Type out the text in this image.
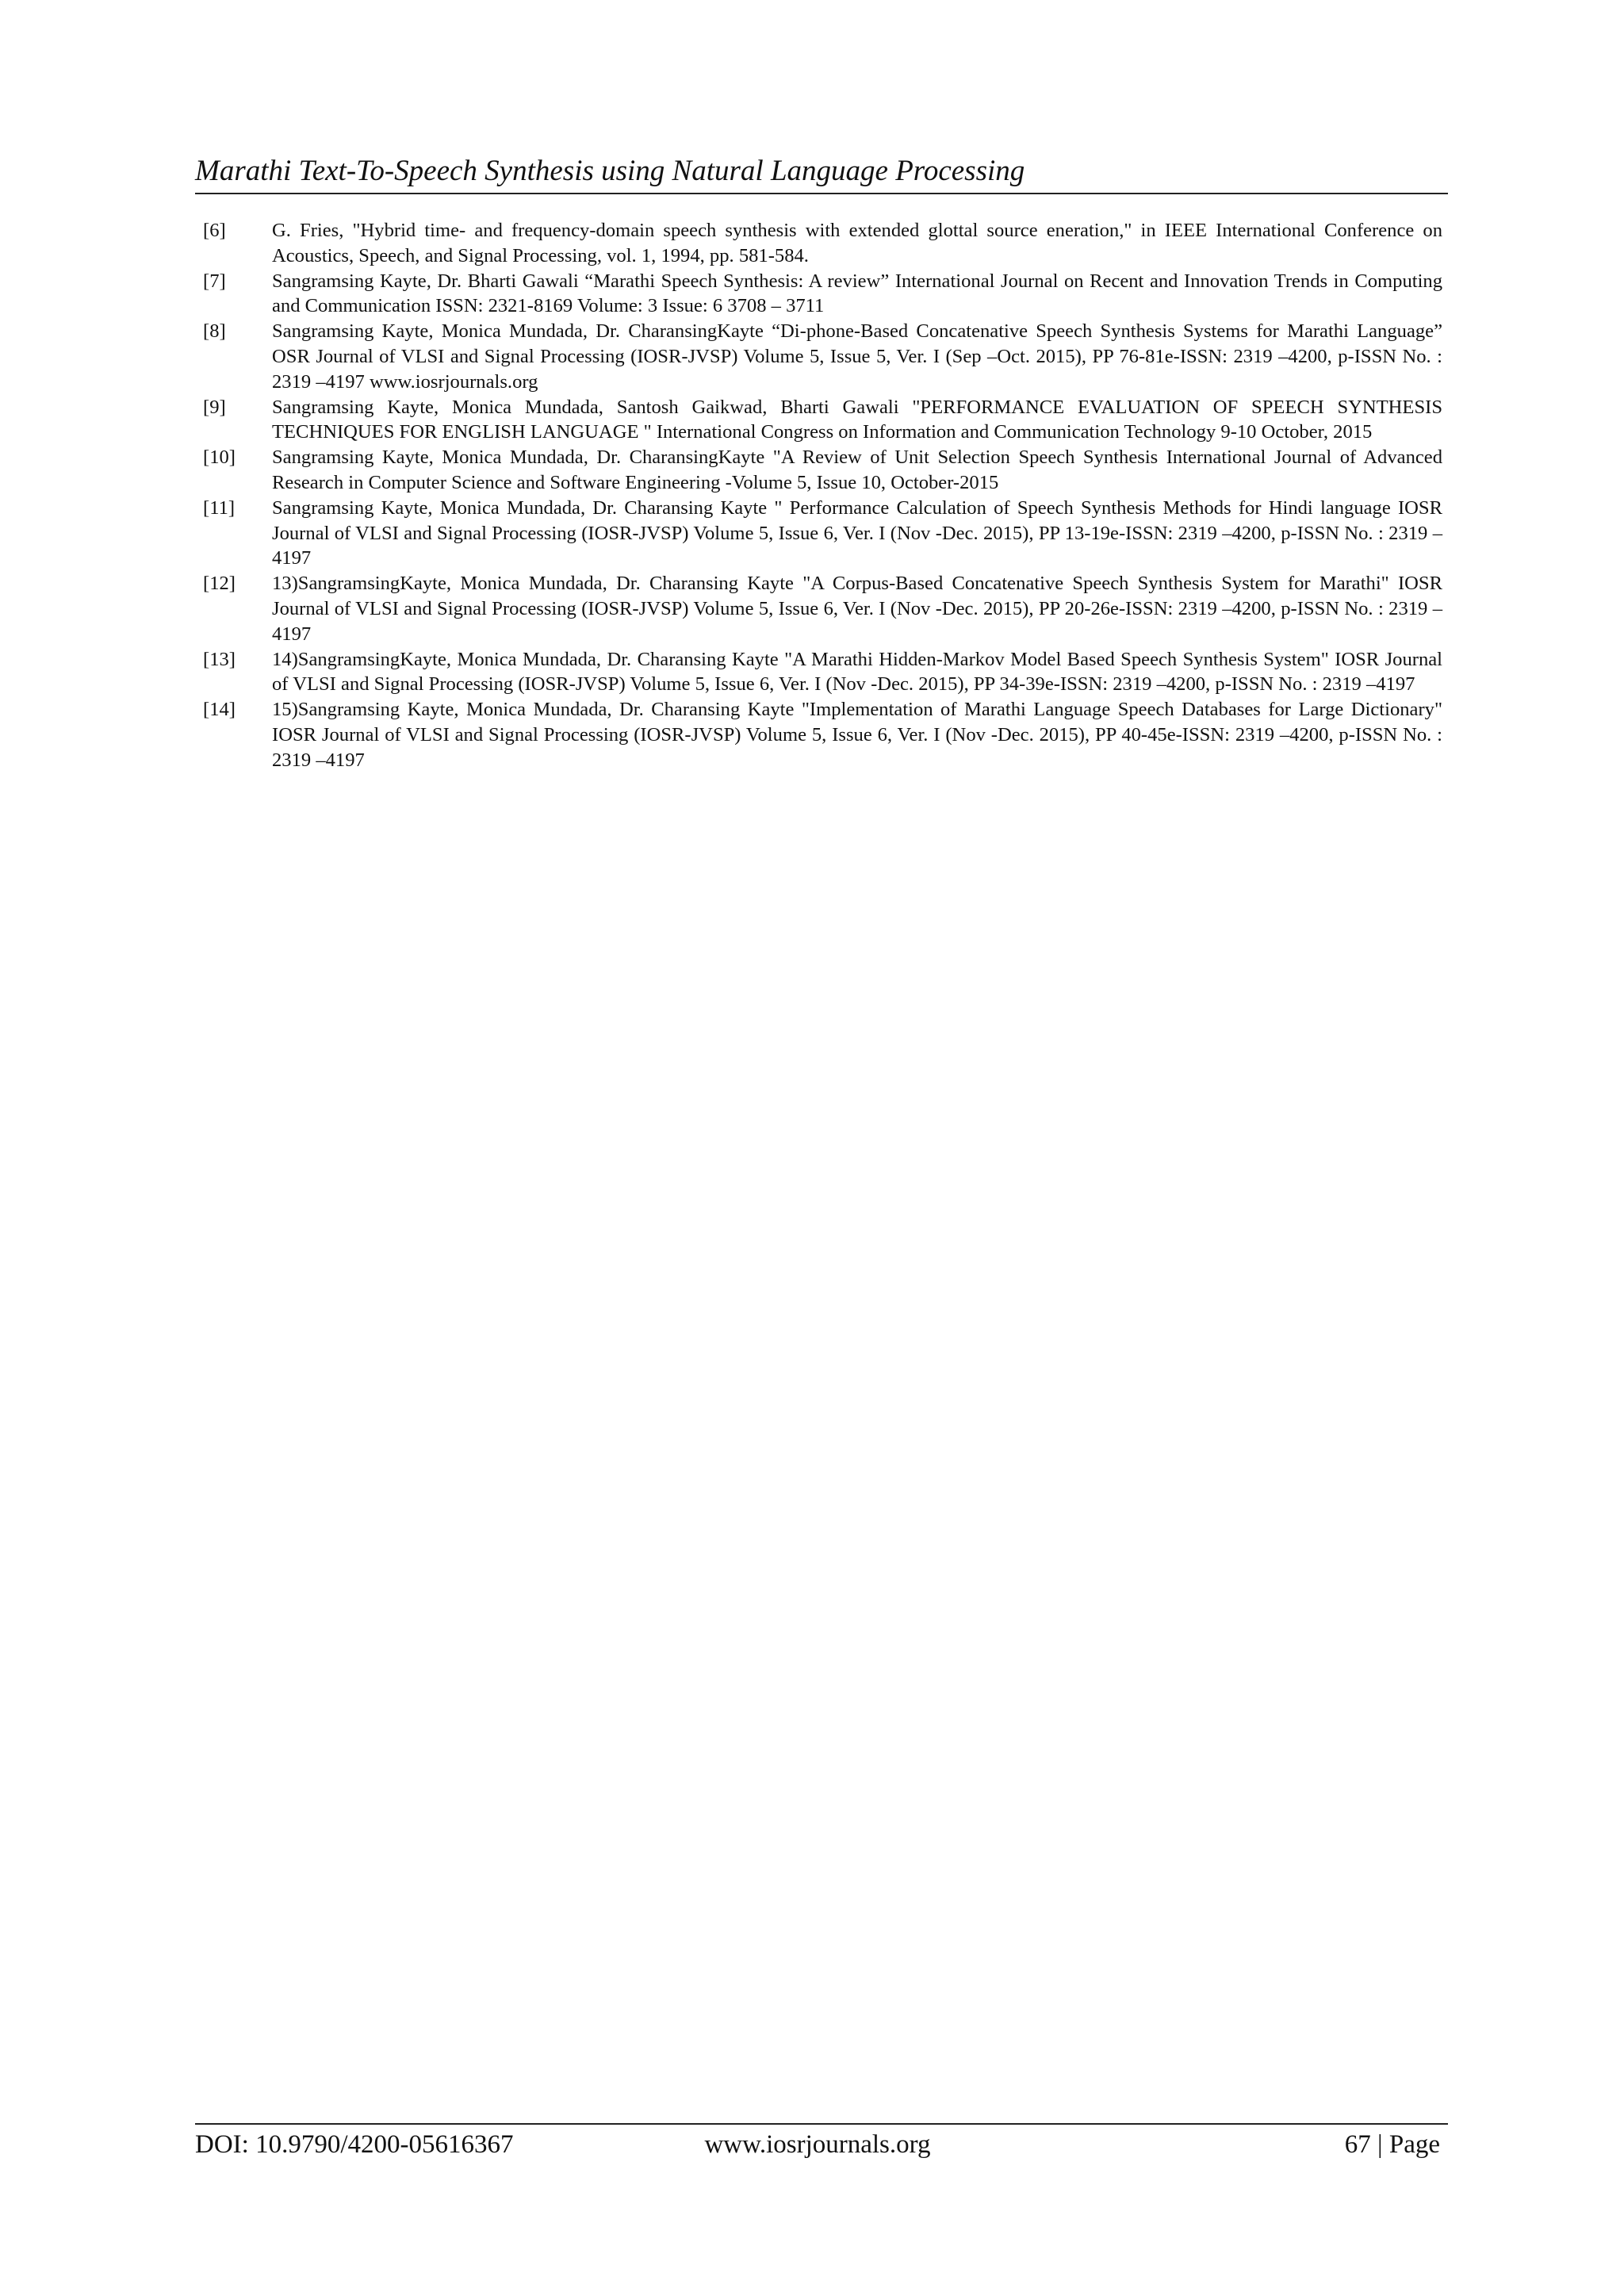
Marathi Text-To-Speech Synthesis using Natural Language Processing
[6]	G. Fries, "Hybrid time- and frequency-domain speech synthesis with extended glottal source eneration," in IEEE International Conference on Acoustics, Speech, and Signal Processing, vol. 1, 1994, pp. 581-584.
[7]	Sangramsing Kayte, Dr. Bharti Gawali “Marathi Speech Synthesis: A review” International Journal on Recent and Innovation Trends in Computing and Communication ISSN: 2321-8169 Volume: 3 Issue: 6 3708 – 3711
[8]	Sangramsing Kayte, Monica Mundada, Dr. CharansingKayte “Di-phone-Based Concatenative Speech Synthesis Systems for Marathi Language” OSR Journal of VLSI and Signal Processing (IOSR-JVSP) Volume 5, Issue 5, Ver. I (Sep –Oct. 2015), PP 76-81e-ISSN: 2319 –4200, p-ISSN No. : 2319 –4197 www.iosrjournals.org
[9]	Sangramsing Kayte, Monica Mundada, Santosh Gaikwad, Bharti Gawali "PERFORMANCE EVALUATION OF SPEECH SYNTHESIS TECHNIQUES FOR ENGLISH LANGUAGE " International Congress on Information and Communication Technology 9-10 October, 2015
[10]	Sangramsing Kayte, Monica Mundada, Dr. CharansingKayte "A Review of Unit Selection Speech Synthesis International Journal of Advanced Research in Computer Science and Software Engineering -Volume 5, Issue 10, October-2015
[11]	Sangramsing Kayte, Monica Mundada, Dr. Charansing Kayte " Performance Calculation of Speech Synthesis Methods for Hindi language IOSR Journal of VLSI and Signal Processing (IOSR-JVSP) Volume 5, Issue 6, Ver. I (Nov -Dec. 2015), PP 13-19e-ISSN: 2319 –4200, p-ISSN No. : 2319 –4197
[12]	13)SangramsingKayte, Monica Mundada, Dr. Charansing Kayte "A Corpus-Based Concatenative Speech Synthesis System for Marathi" IOSR Journal of VLSI and Signal Processing (IOSR-JVSP) Volume 5, Issue 6, Ver. I (Nov -Dec. 2015), PP 20-26e-ISSN: 2319 –4200, p-ISSN No. : 2319 –4197
[13]	14)SangramsingKayte, Monica Mundada, Dr. Charansing Kayte "A Marathi Hidden-Markov Model Based Speech Synthesis System" IOSR Journal of VLSI and Signal Processing (IOSR-JVSP) Volume 5, Issue 6, Ver. I (Nov -Dec. 2015), PP 34-39e-ISSN: 2319 –4200, p-ISSN No. : 2319 –4197
[14]	15)Sangramsing Kayte, Monica Mundada, Dr. Charansing Kayte "Implementation of Marathi Language Speech Databases for Large Dictionary" IOSR Journal of VLSI and Signal Processing (IOSR-JVSP) Volume 5, Issue 6, Ver. I (Nov -Dec. 2015), PP 40-45e-ISSN: 2319 –4200, p-ISSN No. : 2319 –4197
DOI: 10.9790/4200-05616367	www.iosrjournals.org	67 | Page
